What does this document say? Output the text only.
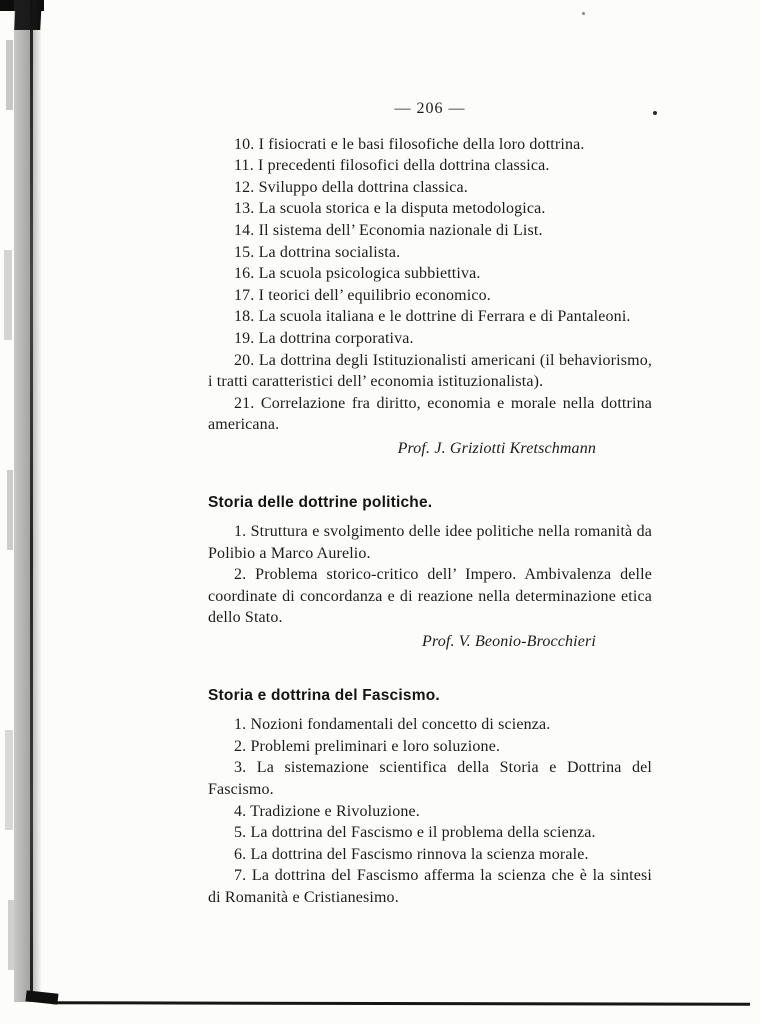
— 206 —

10. I fisiocrati e le basi filosofiche della loro dottrina.

11. I precedenti filosofici della dottrina classica.

12. Sviluppo della dottrina classica.

13. La scuola storica e la disputa metodologica.

14. Il sistema dell’ Economia nazionale di List.

15. La dottrina socialista.

16. La scuola psicologica subbiettiva.

17. I teorici dell’ equilibrio economico.

18. La scuola italiana e le dottrine di Ferrara e di Pantaleoni.

19. La dottrina corporativa.

20. La dottrina degli Istituzionalisti americani (il behaviorismo, i tratti caratteristici dell’ economia istituzionalista).

21. Correlazione fra diritto, economia e morale nella dottrina americana.

Prof. J. Griziotti Kretschmann

Storia delle dottrine politiche.

1. Struttura e svolgimento delle idee politiche nella romanità da Polibio a Marco Aurelio.

2. Problema storico-critico dell’ Impero. Ambivalenza delle coordinate di concordanza e di reazione nella determinazione etica dello Stato.

Prof. V. Beonio-Brocchieri

Storia e dottrina del Fascismo.

1. Nozioni fondamentali del concetto di scienza.

2. Problemi preliminari e loro soluzione.

3. La sistemazione scientifica della Storia e Dottrina del Fascismo.

4. Tradizione e Rivoluzione.

5. La dottrina del Fascismo e il problema della scienza.

6. La dottrina del Fascismo rinnova la scienza morale.

7. La dottrina del Fascismo afferma la scienza che è la sintesi di Romanità e Cristianesimo.
